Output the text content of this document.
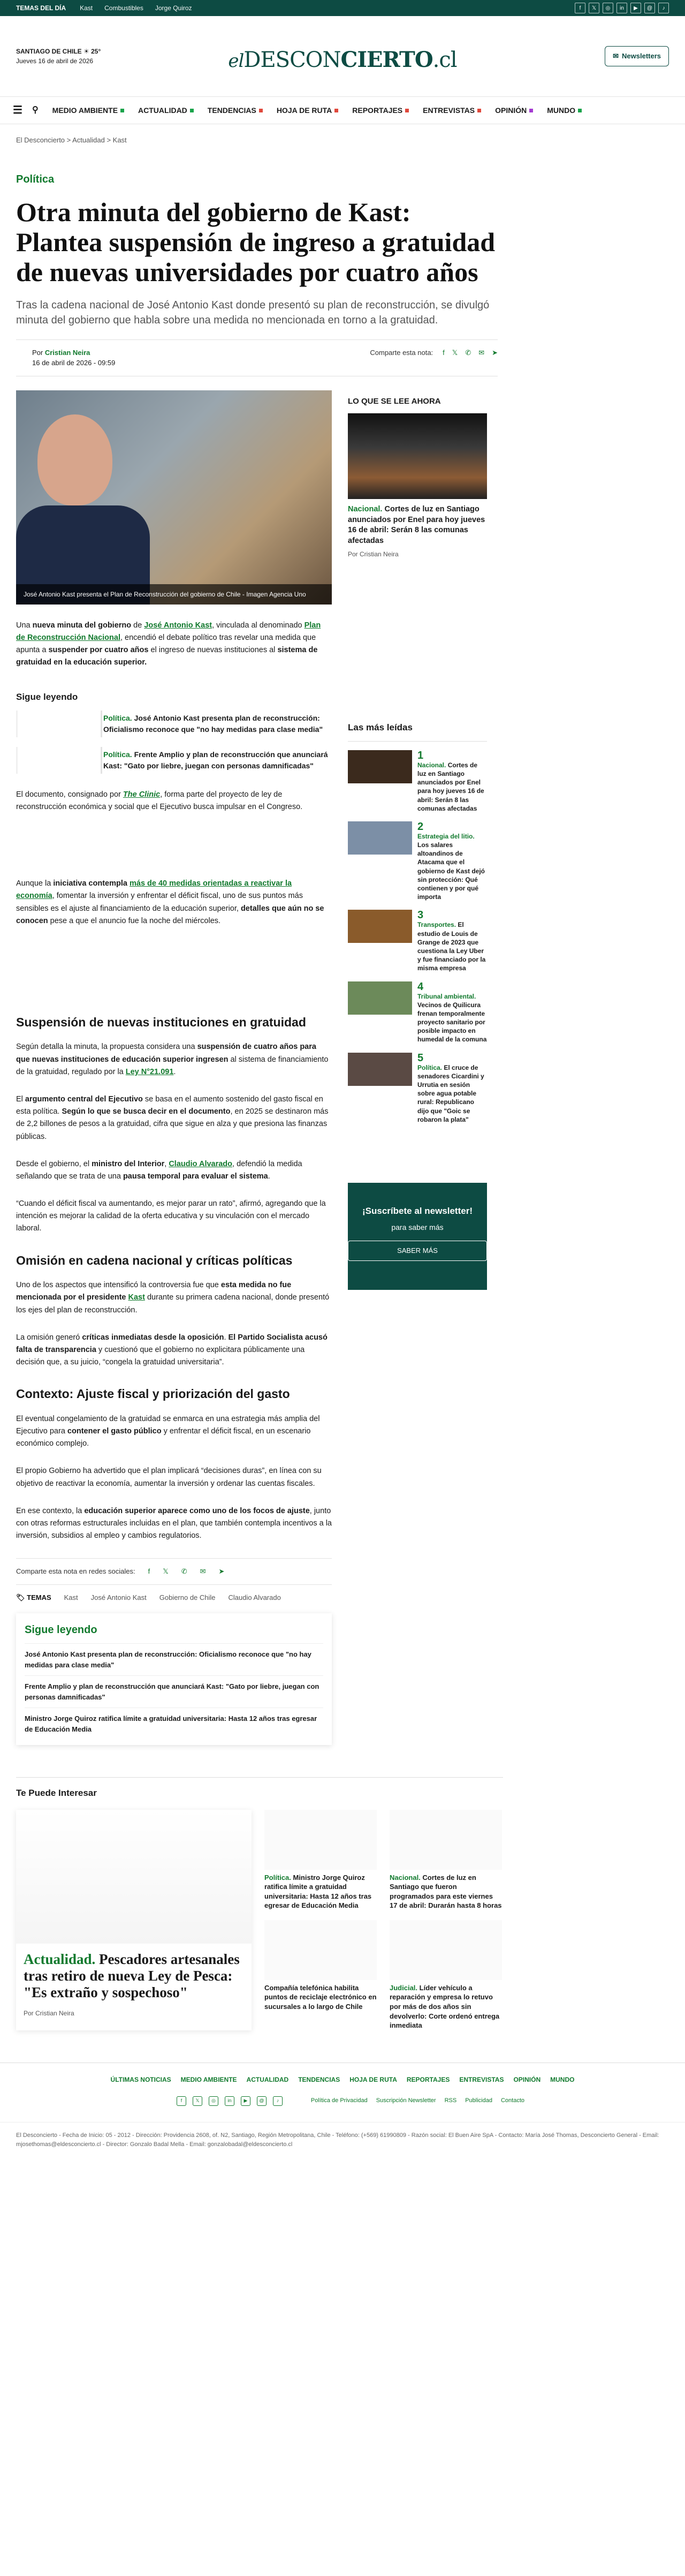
TEMAS DEL DÍA Kast Combustibles Jorge Quiroz	f	𝕏	◎	in	▶	@	♪
SANTIAGO DE CHILE ☀ 25°
Jueves 16 de abril de 2026	elDESCONCIERTO.cl	✉ Newsletters
☰ ⚲ MEDIO AMBIENTE	ACTUALIDAD	TENDENCIAS	HOJA DE RUTA	REPORTAJES	ENTREVISTAS	OPINIÓN	MUNDO
El Desconcierto > Actualidad > Kast
Política
Otra minuta del gobierno de Kast: Plantea suspensión de ingreso a gratuidad de nuevas universidades por cuatro años
Tras la cadena nacional de José Antonio Kast donde presentó su plan de reconstrucción, se divulgó minuta del gobierno que habla sobre una medida no mencionada en torno a la gratuidad.
Por Cristian Neira
16 de abril de 2026 - 09:59
Comparte esta nota: f 𝕏 ✆ ✉ ➤
José Antonio Kast presenta el Plan de Reconstrucción del gobierno de Chile - Imagen Agencia Uno

Una nueva minuta del gobierno de José Antonio Kast, vinculada al denominado Plan de Reconstrucción Nacional, encendió el debate político tras revelar una medida que apunta a suspender por cuatro años el ingreso de nuevas instituciones al sistema de gratuidad en la educación superior.

Sigue leyendo
Política. José Antonio Kast presenta plan de reconstrucción: Oficialismo reconoce que "no hay medidas para clase media"
Política. Frente Amplio y plan de reconstrucción que anunciará Kast: "Gato por liebre, juegan con personas damnificadas"

El documento, consignado por The Clinic, forma parte del proyecto de ley de reconstrucción económica y social que el Ejecutivo busca impulsar en el Congreso.

Aunque la iniciativa contempla más de 40 medidas orientadas a reactivar la economía, fomentar la inversión y enfrentar el déficit fiscal, uno de sus puntos más sensibles es el ajuste al financiamiento de la educación superior, detalles que aún no se conocen pese a que el anuncio fue la noche del miércoles.

Suspensión de nuevas instituciones en gratuidad

Según detalla la minuta, la propuesta considera una suspensión de cuatro años para que nuevas instituciones de educación superior ingresen al sistema de financiamiento de la gratuidad, regulado por la Ley N°21.091.

El argumento central del Ejecutivo se basa en el aumento sostenido del gasto fiscal en esta política. Según lo que se busca decir en el documento, en 2025 se destinaron más de 2,2 billones de pesos a la gratuidad, cifra que sigue en alza y que presiona las finanzas públicas.

Desde el gobierno, el ministro del Interior, Claudio Alvarado, defendió la medida señalando que se trata de una pausa temporal para evaluar el sistema.

“Cuando el déficit fiscal va aumentando, es mejor parar un rato”, afirmó, agregando que la intención es mejorar la calidad de la oferta educativa y su vinculación con el mercado laboral.

Omisión en cadena nacional y críticas políticas

Uno de los aspectos que intensificó la controversia fue que esta medida no fue mencionada por el presidente Kast durante su primera cadena nacional, donde presentó los ejes del plan de reconstrucción.

La omisión generó críticas inmediatas desde la oposición. El Partido Socialista acusó falta de transparencia y cuestionó que el gobierno no explicitara públicamente una decisión que, a su juicio, “congela la gratuidad universitaria”.

Contexto: Ajuste fiscal y priorización del gasto

El eventual congelamiento de la gratuidad se enmarca en una estrategia más amplia del Ejecutivo para contener el gasto público y enfrentar el déficit fiscal, en un escenario económico complejo.

El propio Gobierno ha advertido que el plan implicará “decisiones duras”, en línea con su objetivo de reactivar la economía, aumentar la inversión y ordenar las cuentas fiscales.

En ese contexto, la educación superior aparece como uno de los focos de ajuste, junto con otras reformas estructurales incluidas en el plan, que también contempla incentivos a la inversión, subsidios al empleo y cambios regulatorios.

Comparte esta nota en redes sociales: f 𝕏 ✆ ✉ ➤
🏷 TEMAS Kast José Antonio Kast Gobierno de Chile Claudio Alvarado
Sigue leyendo
José Antonio Kast presenta plan de reconstrucción: Oficialismo reconoce que "no hay medidas para clase media"
Frente Amplio y plan de reconstrucción que anunciará Kast: "Gato por liebre, juegan con personas damnificadas"
Ministro Jorge Quiroz ratifica límite a gratuidad universitaria: Hasta 12 años tras egresar de Educación Media
LO QUE SE LEE AHORA
Nacional. Cortes de luz en Santiago anunciados por Enel para hoy jueves 16 de abril: Serán 8 las comunas afectadas
Por Cristian Neira
Las más leídas
1
Nacional. Cortes de luz en Santiago anunciados por Enel para hoy jueves 16 de abril: Serán 8 las comunas afectadas
2
Estrategia del litio. Los salares altoandinos de Atacama que el gobierno de Kast dejó sin protección: Qué contienen y por qué importa
3
Transportes. El estudio de Louis de Grange de 2023 que cuestiona la Ley Uber y fue financiado por la misma empresa
4
Tribunal ambiental. Vecinos de Quilicura frenan temporalmente proyecto sanitario por posible impacto en humedal de la comuna
5
Política. El cruce de senadores Cicardini y Urrutia en sesión sobre agua potable rural: Republicano dijo que "Goic se robaron la plata"
¡Suscríbete al newsletter!
para saber más
SABER MÁS
Te Puede Interesar
Actualidad. Pescadores artesanales tras retiro de nueva Ley de Pesca: "Es extraño y sospechoso"
Por Cristian Neira
Política. Ministro Jorge Quiroz ratifica límite a gratuidad universitaria: Hasta 12 años tras egresar de Educación Media
Nacional. Cortes de luz en Santiago que fueron programados para este viernes 17 de abril: Durarán hasta 8 horas
Compañía telefónica habilita puntos de reciclaje electrónico en sucursales a lo largo de Chile
Judicial. Líder vehículo a reparación y empresa lo retuvo por más de dos años sin devolverlo: Corte ordenó entrega inmediata
ÚLTIMAS NOTICIAS MEDIO AMBIENTE ACTUALIDAD TENDENCIAS HOJA DE RUTA REPORTAJES ENTREVISTAS OPINIÓN MUNDO
f	𝕏	◎	in	▶	@	♪	Política de Privacidad Suscripción Newsletter RSS Publicidad Contacto
El Desconcierto - Fecha de Inicio: 05 - 2012 - Dirección: Providencia 2608, of. N2, Santiago, Región Metropolitana, Chile - Teléfono: (+569) 61990809 - Razón social: El Buen Aire SpA - Contacto: María José Thomas, Desconcierto General - Email: mjosethomas@eldesconcierto.cl - Director: Gonzalo Badal Mella - Email: gonzalobadal@eldesconcierto.cl
